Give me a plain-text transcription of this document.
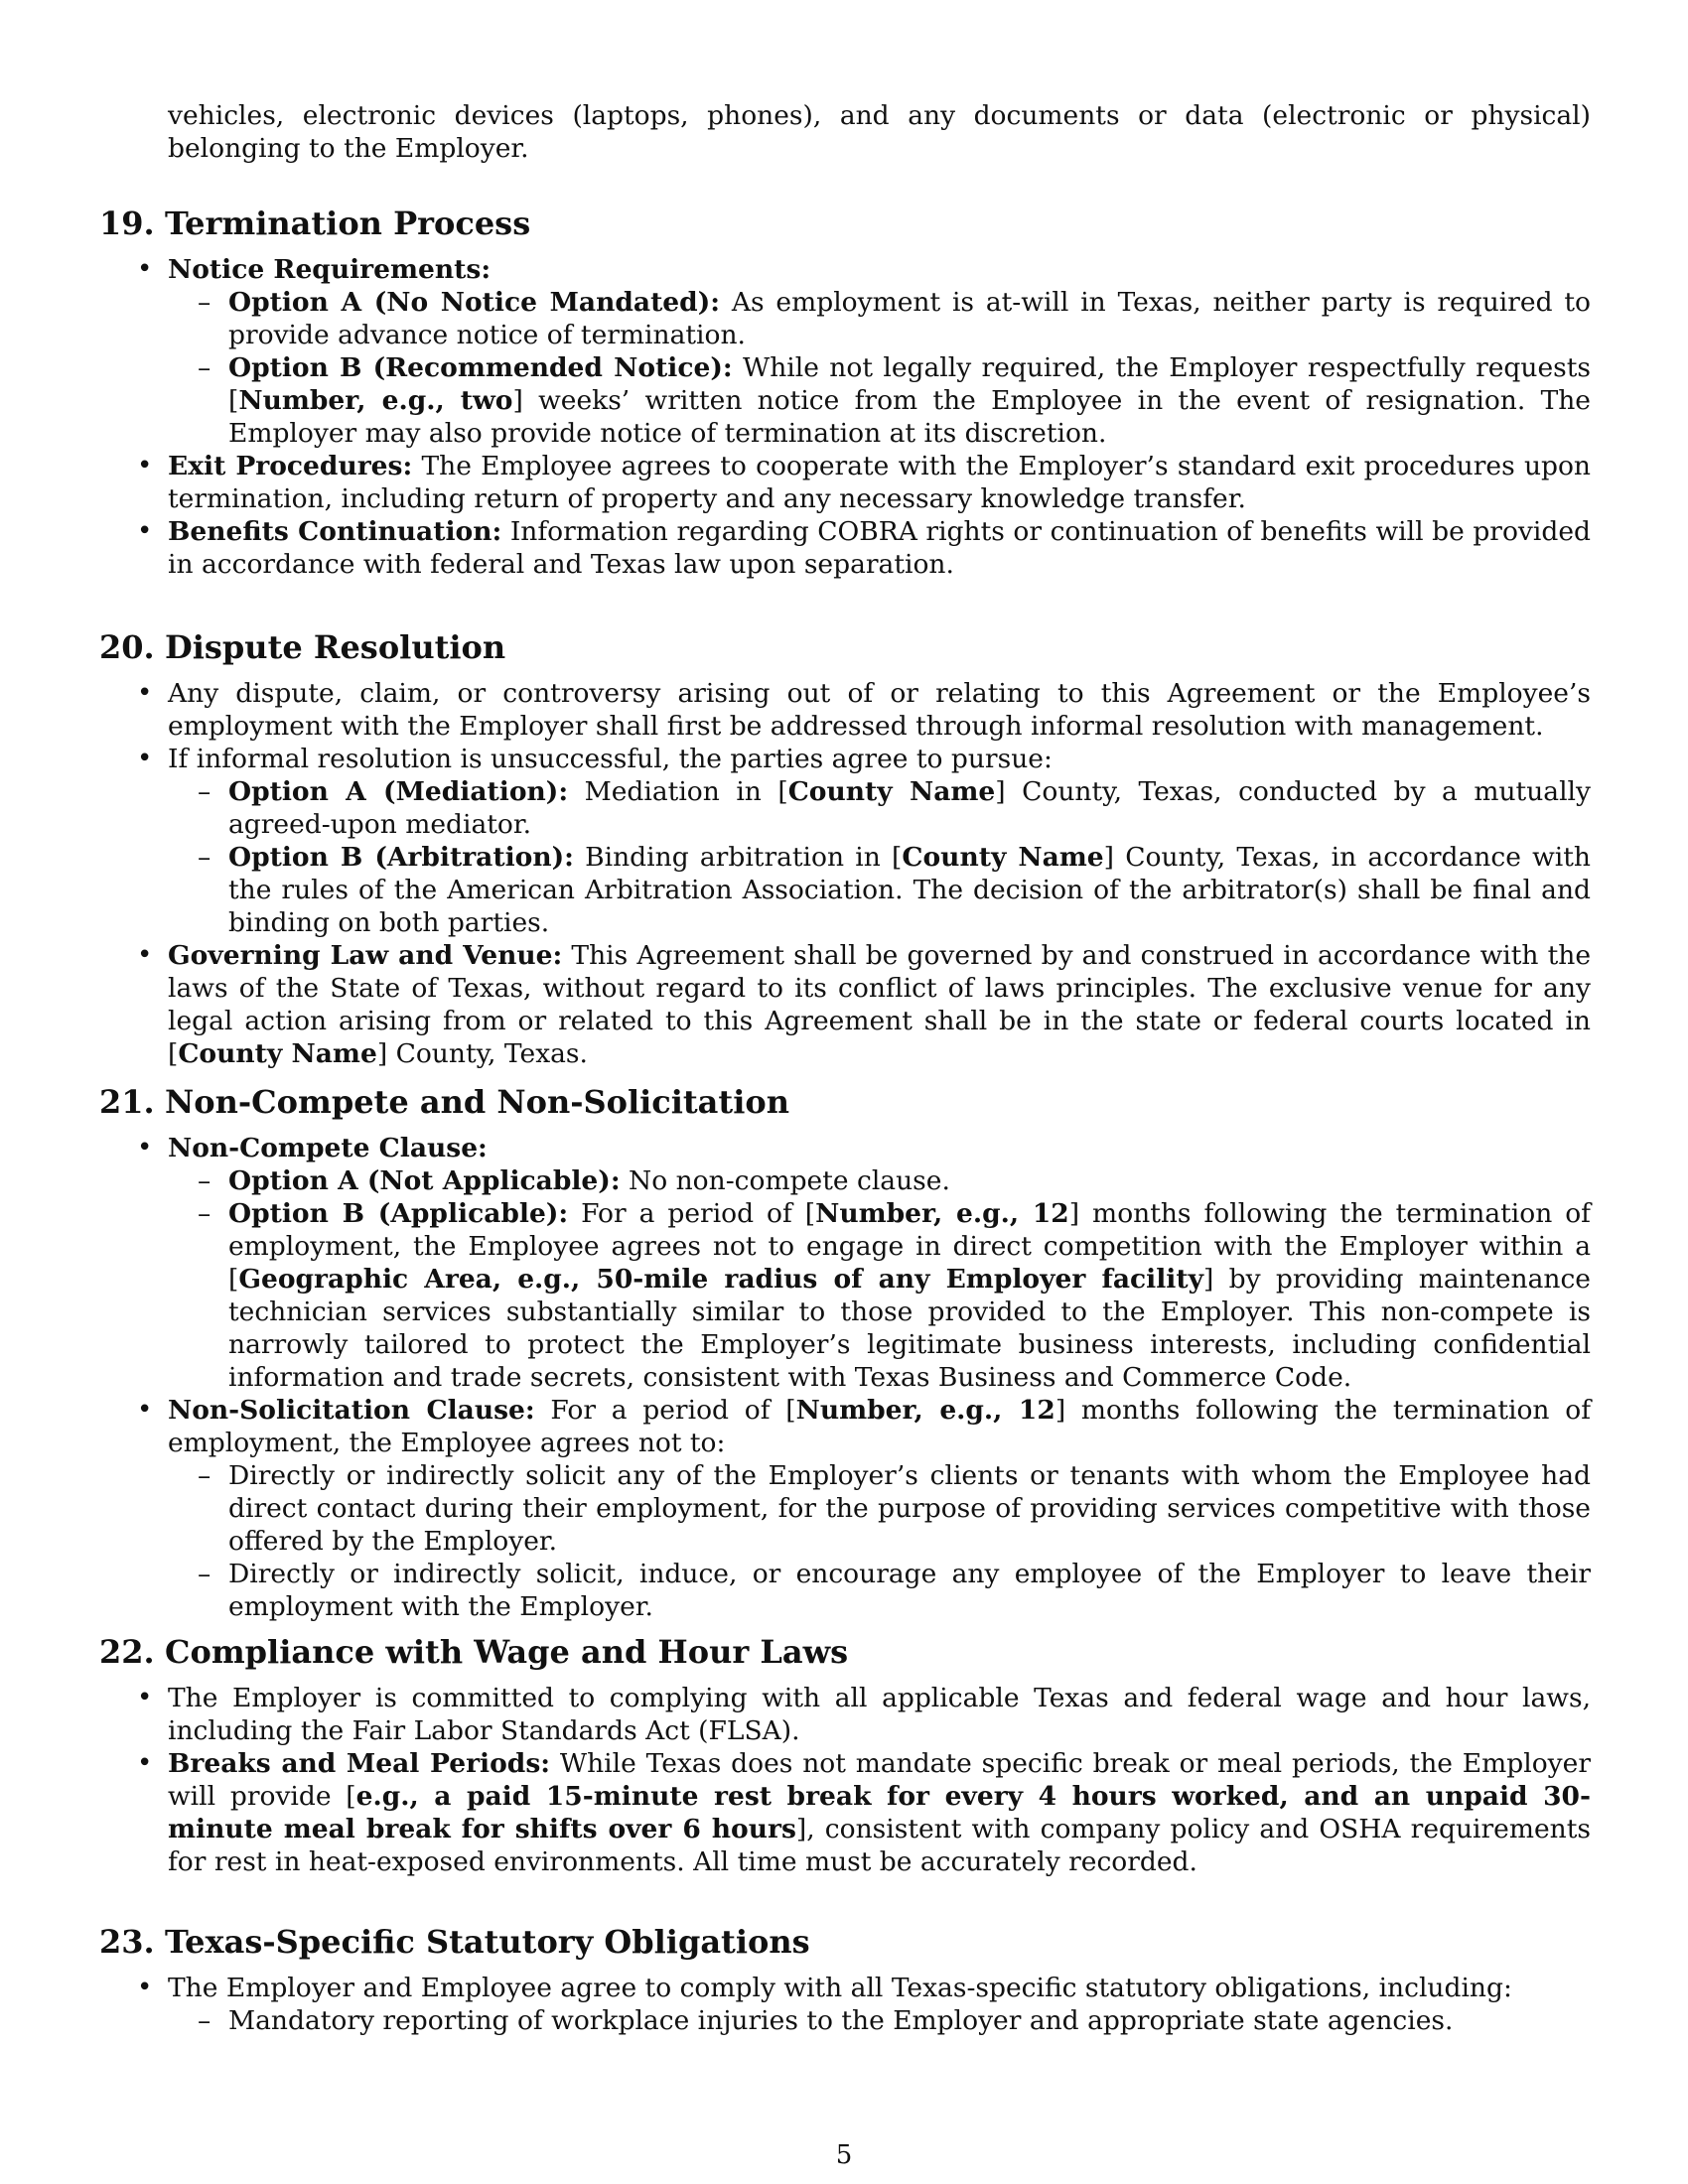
vehicles, electronic devices (laptops, phones), and any documents or data (electronic or physical) belonging to the Employer.

19. Termination Process
• Notice Requirements:
– Option A (No Notice Mandated): As employment is at-will in Texas, neither party is required to provide advance notice of termination.
– Option B (Recommended Notice): While not legally required, the Employer respectfully requests [Number, e.g., two] weeks’ written notice from the Employee in the event of resignation. The Employer may also provide notice of termination at its discretion.
• Exit Procedures: The Employee agrees to cooperate with the Employer’s standard exit procedures upon termination, including return of property and any necessary knowledge transfer.
• Benefits Continuation: Information regarding COBRA rights or continuation of benefits will be provided in accordance with federal and Texas law upon separation.
20. Dispute Resolution
• Any dispute, claim, or controversy arising out of or relating to this Agreement or the Employee’s employment with the Employer shall first be addressed through informal resolution with management.
• If informal resolution is unsuccessful, the parties agree to pursue:
– Option A (Mediation): Mediation in [County Name] County, Texas, conducted by a mutually agreed-upon mediator.
– Option B (Arbitration): Binding arbitration in [County Name] County, Texas, in accordance with the rules of the American Arbitration Association. The decision of the arbitrator(s) shall be final and binding on both parties.
• Governing Law and Venue: This Agreement shall be governed by and construed in accordance with the laws of the State of Texas, without regard to its conflict of laws principles. The exclusive venue for any legal action arising from or related to this Agreement shall be in the state or federal courts located in [County Name] County, Texas.
21. Non-Compete and Non-Solicitation
• Non-Compete Clause:
– Option A (Not Applicable): No non-compete clause.
– Option B (Applicable): For a period of [Number, e.g., 12] months following the termination of employment, the Employee agrees not to engage in direct competition with the Employer within a [Geographic Area, e.g., 50-mile radius of any Employer facility] by providing maintenance technician services substantially similar to those provided to the Employer. This non-compete is narrowly tailored to protect the Employer’s legitimate business interests, including confidential information and trade secrets, consistent with Texas Business and Commerce Code.
• Non-Solicitation Clause: For a period of [Number, e.g., 12] months following the termination of employment, the Employee agrees not to:
– Directly or indirectly solicit any of the Employer’s clients or tenants with whom the Employee had direct contact during their employment, for the purpose of providing services competitive with those offered by the Employer.
– Directly or indirectly solicit, induce, or encourage any employee of the Employer to leave their employment with the Employer.
22. Compliance with Wage and Hour Laws
• The Employer is committed to complying with all applicable Texas and federal wage and hour laws, including the Fair Labor Standards Act (FLSA).
• Breaks and Meal Periods: While Texas does not mandate specific break or meal periods, the Employer will provide [e.g., a paid 15-minute rest break for every 4 hours worked, and an unpaid 30-minute meal break for shifts over 6 hours], consistent with company policy and OSHA requirements for rest in heat-exposed environments. All time must be accurately recorded.
23. Texas-Specific Statutory Obligations
• The Employer and Employee agree to comply with all Texas-specific statutory obligations, including:
– Mandatory reporting of workplace injuries to the Employer and appropriate state agencies.
5
